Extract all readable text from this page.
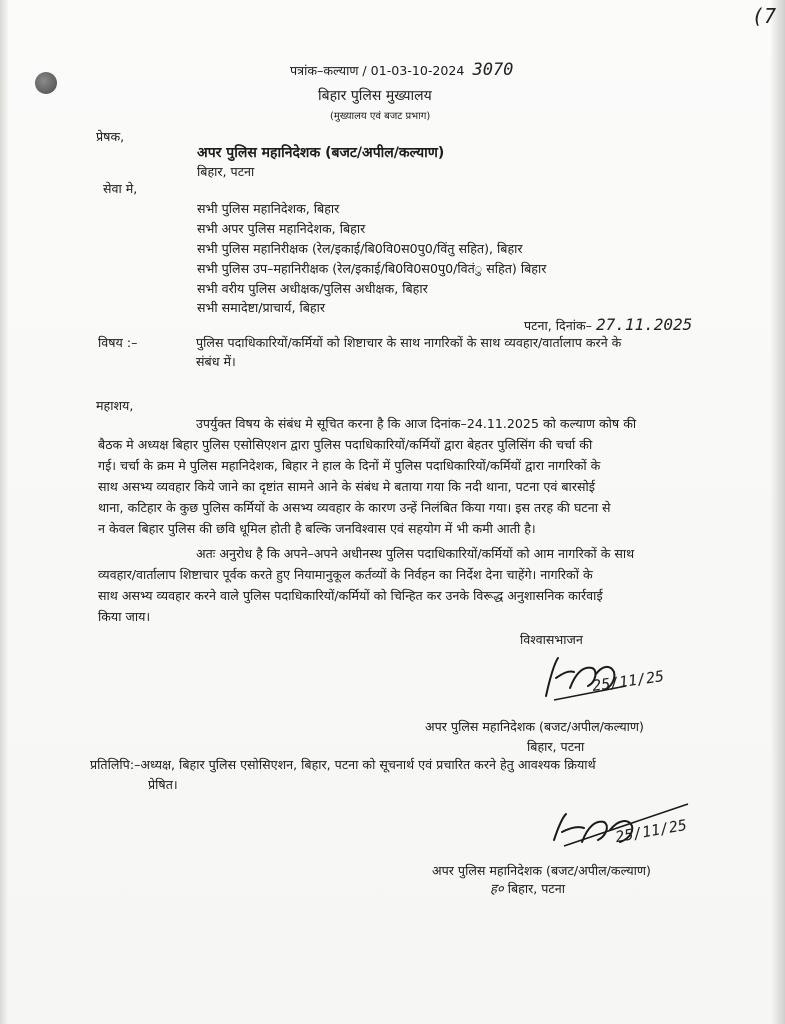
(7
पत्रांक–कल्याण / 01-03-10-2024 3070
बिहार पुलिस मुख्यालय
(मुख्यालय एवं बजट प्रभाग)
प्रेषक,
अपर पुलिस महानिदेशक (बजट/अपील/कल्याण)
बिहार, पटना
सेवा मे,
सभी पुलिस महानिदेशक, बिहार
सभी अपर पुलिस महानिदेशक, बिहार
सभी पुलिस महानिरीक्षक (रेल/इकाई/बि0वि0स0पु0/विंतु सहित), बिहार
सभी पुलिस उप–महानिरीक्षक (रेल/इकाई/बि0वि0स0पु0/वितंु सहित) बिहार
सभी वरीय पुलिस अधीक्षक/पुलिस अधीक्षक, बिहार
सभी समादेष्टा/प्राचार्य, बिहार
पटना, दिनांक– 27.11.2025
विषय :–	पुलिस पदाधिकारियों/कर्मियों को शिष्टाचार के साथ नागरिकों के साथ व्यवहार/वार्तालाप करने के
संबंध में।
महाशय,
उपर्युक्त विषय के संबंध मे सूचित करना है कि आज दिनांक–24.11.2025 को कल्याण कोष की
बैठक मे अध्यक्ष बिहार पुलिस एसोसिएशन द्वारा पुलिस पदाधिकारियों/कर्मियों द्वारा बेहतर पुलिसिंग की चर्चा की
गई। चर्चा के क्रम मे पुलिस महानिदेशक, बिहार ने हाल के दिनों में पुलिस पदाधिकारियों/कर्मियों द्वारा नागरिकों के
साथ असभ्य व्यवहार किये जाने का दृष्टांत सामने आने के संबंध मे बताया गया कि नदी थाना, पटना एवं बारसोई
थाना, कटिहार के कुछ पुलिस कर्मियों के असभ्य व्यवहार के कारण उन्हें निलंबित किया गया। इस तरह की घटना से
न केवल बिहार पुलिस की छवि धूमिल होती है बल्कि जनविश्वास एवं सहयोग में भी कमी आती है।
अतः अनुरोध है कि अपने–अपने अधीनस्थ पुलिस पदाधिकारियों/कर्मियों को आम नागरिकों के साथ
व्यवहार/वार्तालाप शिष्टाचार पूर्वक करते हुए नियामानुकूल कर्तव्यों के निर्वहन का निर्देश देना चाहेंगे। नागरिकों के
साथ असभ्य व्यवहार करने वाले पुलिस पदाधिकारियों/कर्मियों को चिन्हित कर उनके विरूद्ध अनुशासनिक कार्रवाई
किया जाय।
विश्वासभाजन
25/11/25
अपर पुलिस महानिदेशक (बजट/अपील/कल्याण)
बिहार, पटना
प्रतिलिपि:–अध्यक्ष, बिहार पुलिस एसोसिएशन, बिहार, पटना को सूचनार्थ एवं प्रचारित करने हेतु आवश्यक क्रियार्थ
प्रेषित।
25/11/25
अपर पुलिस महानिदेशक (बजट/अपील/कल्याण)
ह० बिहार, पटना
